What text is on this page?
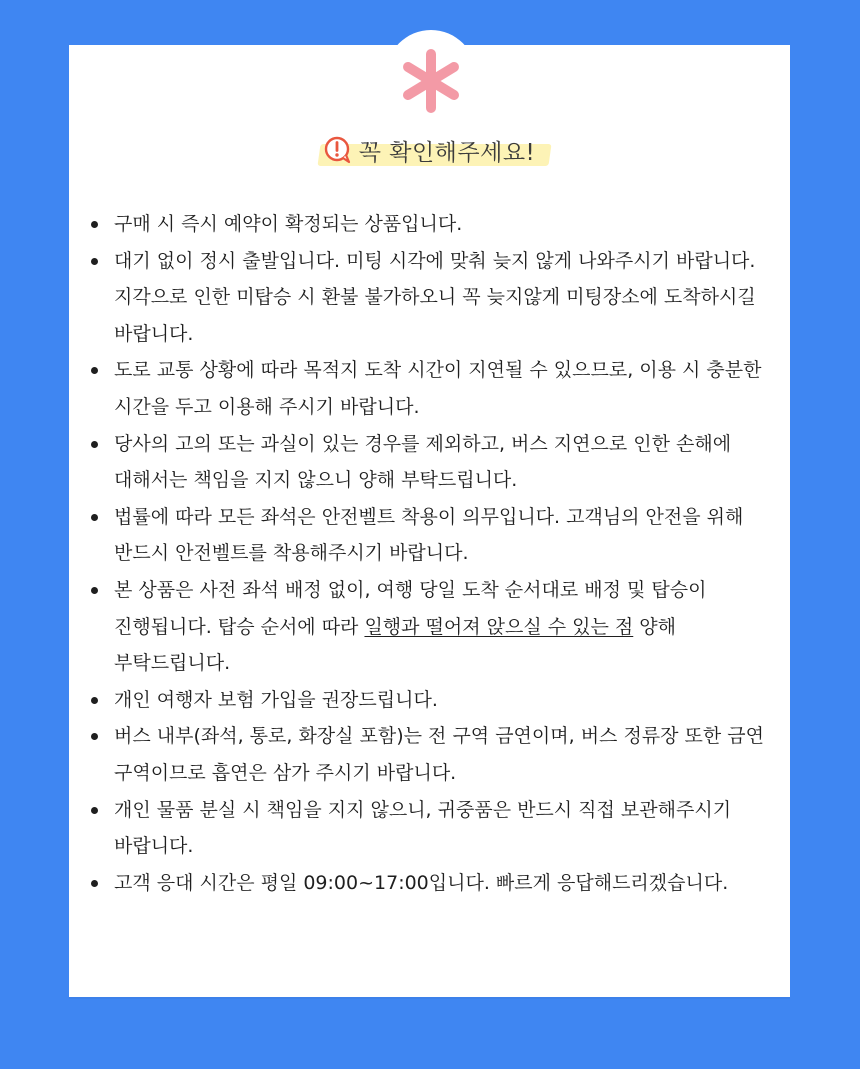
꼭 확인해주세요!
구매 시 즉시 예약이 확정되는 상품입니다.
대기 없이 정시 출발입니다. 미팅 시각에 맞춰 늦지 않게 나와주시기 바랍니다. 지각으로 인한 미탑승 시 환불 불가하오니 꼭 늦지않게 미팅장소에 도착하시길 바랍니다.
도로 교통 상황에 따라 목적지 도착 시간이 지연될 수 있으므로, 이용 시 충분한 시간을 두고 이용해 주시기 바랍니다.
당사의 고의 또는 과실이 있는 경우를 제외하고, 버스 지연으로 인한 손해에 대해서는 책임을 지지 않으니 양해 부탁드립니다.
법률에 따라 모든 좌석은 안전벨트 착용이 의무입니다. 고객님의 안전을 위해 반드시 안전벨트를 착용해주시기 바랍니다.
본 상품은 사전 좌석 배정 없이, 여행 당일 도착 순서대로 배정 및 탑승이 진행됩니다. 탑승 순서에 따라 일행과 떨어져 앉으실 수 있는 점 양해 부탁드립니다.
개인 여행자 보험 가입을 권장드립니다.
버스 내부(좌석, 통로, 화장실 포함)는 전 구역 금연이며, 버스 정류장 또한 금연 구역이므로 흡연은 삼가 주시기 바랍니다.
개인 물품 분실 시 책임을 지지 않으니, 귀중품은 반드시 직접 보관해주시기 바랍니다.
고객 응대 시간은 평일 09:00~17:00입니다. 빠르게 응답해드리겠습니다.
